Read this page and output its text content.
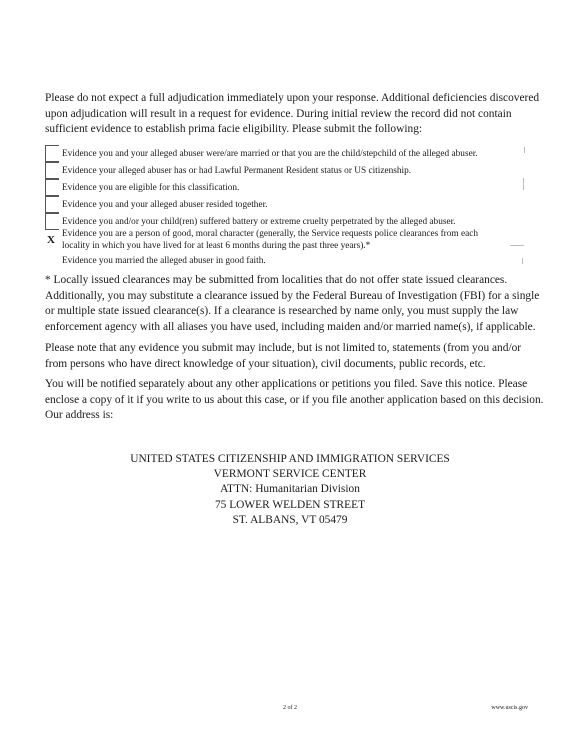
Please do not expect a full adjudication immediately upon your response. Additional deficiencies discovered
upon adjudication will result in a request for evidence. During initial review the record did not contain
sufficient evidence to establish prima facie eligibility. Please submit the following:

Evidence you and your alleged abuser were/are married or that you are the child/stepchild of the alleged abuser.
Evidence your alleged abuser has or had Lawful Permanent Resident status or US citizenship.
Evidence you are eligible for this classification.
Evidence you and your alleged abuser resided together.
Evidence you and/or your child(ren) suffered battery or extreme cruelty perpetrated by the alleged abuser.
X Evidence you are a person of good, moral character (generally, the Service requests police clearances from each
locality in which you have lived for at least 6 months during the past three years).*
Evidence you married the alleged abuser in good faith.

* Locally issued clearances may be submitted from localities that do not offer state issued clearances.
Additionally, you may substitute a clearance issued by the Federal Bureau of Investigation (FBI) for a single
or multiple state issued clearance(s). If a clearance is researched by name only, you must supply the law
enforcement agency with all aliases you have used, including maiden and/or married name(s), if applicable.

Please note that any evidence you submit may include, but is not limited to, statements (from you and/or
from persons who have direct knowledge of your situation), civil documents, public records, etc.

You will be notified separately about any other applications or petitions you filed. Save this notice. Please
enclose a copy of it if you write to us about this case, or if you file another application based on this decision.
Our address is:

UNITED STATES CITIZENSHIP AND IMMIGRATION SERVICES
VERMONT SERVICE CENTER
ATTN: Humanitarian Division
75 LOWER WELDEN STREET
ST. ALBANS, VT 05479
2 of 2	www.uscis.gov
